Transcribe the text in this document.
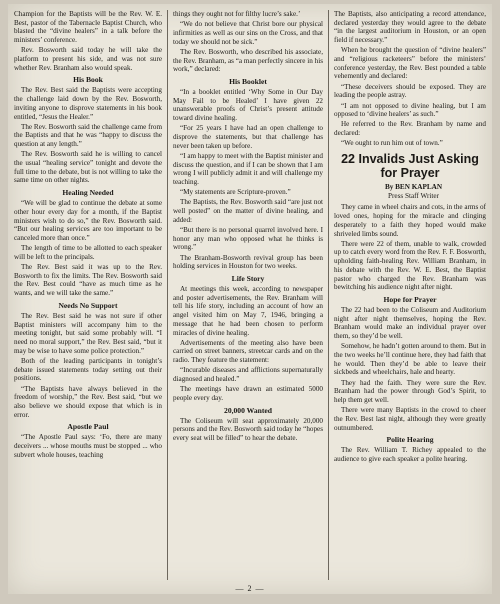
Champion for the Baptists will be the Rev. W. E. Best, pastor of the Tabernacle Baptist Church, who blasted the “divine healers” in a talk before the ministers’ conference.

Rev. Bosworth said today he will take the platform to present his side, and was not sure whether Rev. Branham also would speak.

His Book

The Rev. Best said the Baptists were accepting the challenge laid down by the Rev. Bosworth, inviting anyone to disprove statements in his book entitled, “Jesus the Healer.”

The Rev. Bosworth said the challenge came from the Baptists and that he was “happy to discuss the question at any length.”

The Rev. Bosworth said he is willing to cancel the usual “healing service” tonight and devote the full time to the debate, but is not willing to take the same time on other nights.

Healing Needed

“We will be glad to continue the debate at some other hour every day for a month, if the Baptist ministers wish to do so,” the Rev. Bosworth said. “But our healing services are too important to be canceled more than once.”

The length of time to be allotted to each speaker will be left to the principals.

The Rev. Best said it was up to the Rev. Bosworth to fix the limits. The Rev. Bosworth said the Rev. Best could “have as much time as he wants, and we will take the same.”

Needs No Support

The Rev. Best said he was not sure if other Baptist ministers will accompany him to the meeting tonight, but said some probably will. “I need no moral support,” the Rev. Best said, “but it may be wise to have some police protection.”

Both of the leading participants in tonight’s debate issued statements today setting out their positions.

“The Baptists have always believed in the freedom of worship,” the Rev. Best said, “but we also believe we should expose that which is in error.

Apostle Paul

“The Apostle Paul says: ‘Fo, there are many deceivers ... whose mouths must be stopped ... who subvert whole houses, teaching

things they ought not for filthy lucre’s sake.’

“We do not believe that Christ bore our physical infirmities as well as our sins on the Cross, and that today we should not be sick.”

The Rev. Bosworth, who described his associate, the Rev. Branham, as “a man perfectly sincere in his work,” declared:

His Booklet

“In a booklet entitled ‘Why Some in Our Day May Fail to be Healed’ I have given 22 unanswerable proofs of Christ’s present attitude toward divine healing.

“For 25 years I have had an open challenge to disprove the statements, but that challenge has never been taken up before.

“I am happy to meet with the Baptist minister and discuss the question, and if I can be shown that I am wrong I will publicly admit it and will challenge my teaching.

“My statements are Scripture-proven.”

The Baptists, the Rev. Bosworth said “are just not well posted” on the matter of divine healing, and added:

“But there is no personal quarrel involved here. I honor any man who opposed what he thinks is wrong.”

The Branham-Bosworth revival group has been holding services in Houston for two weeks.

Life Story

At meetings this week, according to newspaper and poster advertisements, the Rev. Branham will tell his life story, including an account of how an angel visited him on May 7, 1946, bringing a message that he had been chosen to perform miracles of divine healing.

Advertisements of the meeting also have been carried on street banners, streetcar cards and on the radio. They feature the statement:

“Incurable diseases and afflictions supernaturally diagnosed and healed.”

The meetings have drawn an estimated 5000 people every day.

20,000 Wanted

The Coliseum will seat approximately 20,000 persons and the Rev. Bosworth said today he “hopes every seat will be filled” to hear the debate.

The Baptists, also anticipating a record attendance, declared yesterday they would agree to the debate “in the largest auditorium in Houston, or an open field if necessary.”

When he brought the question of “divine healers” and “religious racketeers” before the ministers’ conference yesterday, the Rev. Best pounded a table vehemently and declared:

“These deceivers should be exposed. They are leading the people astray.

“I am not opposed to divine healing, but I am opposed to ‘divine healers’ as such.”

He referred to the Rev. Branham by name and declared:

“We ought to run him out of town.”

22 Invalids Just Asking for Prayer

By BEN KAPLAN

Press Staff Writer

They came in wheel chairs and cots, in the arms of loved ones, hoping for the miracle and clinging desperately to a faith they hoped would make shriveled limbs sound.

There were 22 of them, unable to walk, crowded up to catch every word from the Rev. F. F. Bosworth, upholding faith-healing Rev. William Branham, in his debate with the Rev. W. E. Best, the Baptist pastor who charged the Rev. Branham was bewitching his audience night after night.

Hope for Prayer

The 22 had been to the Coliseum and Auditorium night after night themselves, hoping the Rev. Branham would make an individual prayer over them, so they’d be well.

Somehow, he hadn’t gotten around to them. But in the two weeks he’ll continue here, they had faith that he would. Then they’d be able to leave their sickbeds and wheelchairs, hale and hearty.

They had the faith. They were sure the Rev. Branham had the power through God’s Spirit, to help them get well.

There were many Baptists in the crowd to cheer the Rev. Best last night, although they were greatly outnumbered.

Polite Hearing

The Rev. William T. Richey appealed to the audience to give each speaker a polite hearing.

— 2 —
